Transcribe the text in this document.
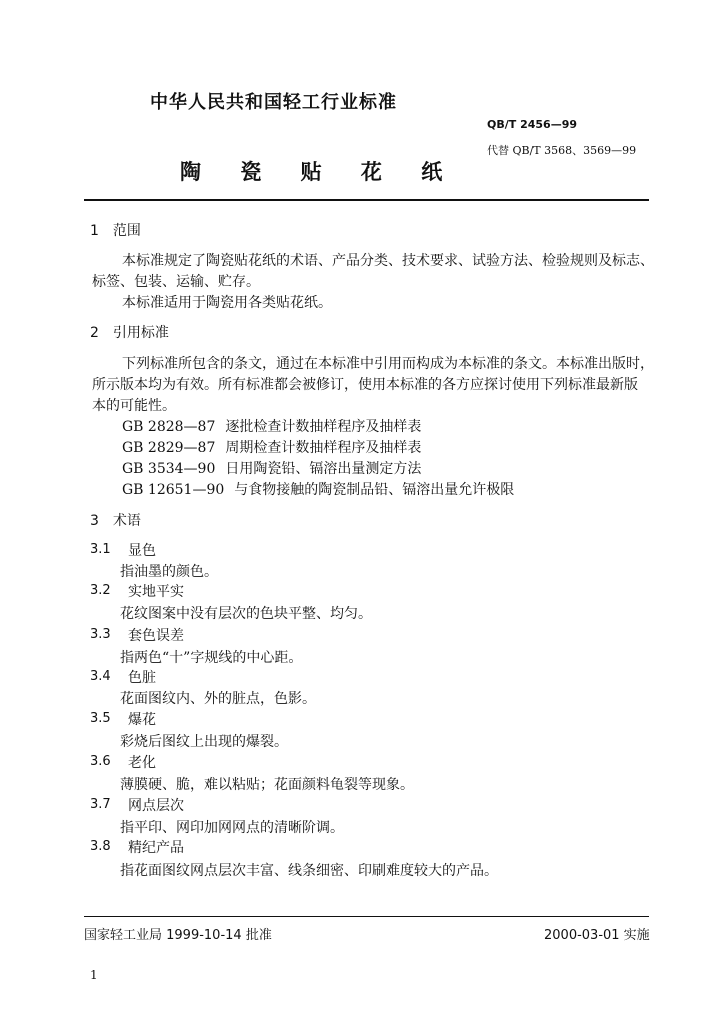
中华人民共和国轻工行业标准
QB/T 2456—99
代替 QB/T 3568、3569—99
陶 瓷 贴 花 纸
1　范围
本标准规定了陶瓷贴花纸的术语、产品分类、技术要求、试验方法、检验规则及标志、
标签、包装、运输、贮存。
本标准适用于陶瓷用各类贴花纸。
2　引用标准
下列标准所包含的条文，通过在本标准中引用而构成为本标准的条文。本标准出版时，
所示版本均为有效。所有标准都会被修订，使用本标准的各方应探讨使用下列标准最新版
本的可能性。
GB 2828—87 逐批检查计数抽样程序及抽样表
GB 2829—87 周期检查计数抽样程序及抽样表
GB 3534—90 日用陶瓷铅、镉溶出量测定方法
GB 12651—90 与食物接触的陶瓷制品铅、镉溶出量允许极限
3　术语
3.1 显色
指油墨的颜色。
3.2 实地平实
花纹图案中没有层次的色块平整、均匀。
3.3 套色误差
指两色“十”字规线的中心距。
3.4 色脏
花面图纹内、外的脏点，色影。
3.5 爆花
彩烧后图纹上出现的爆裂。
3.6 老化
薄膜硬、脆，难以粘贴；花面颜料龟裂等现象。
3.7 网点层次
指平印、网印加网网点的清晰阶调。
3.8 精纪产品
指花面图纹网点层次丰富、线条细密、印刷难度较大的产品。
国家轻工业局 1999-10-14 批准	2000-03-01 实施
1
